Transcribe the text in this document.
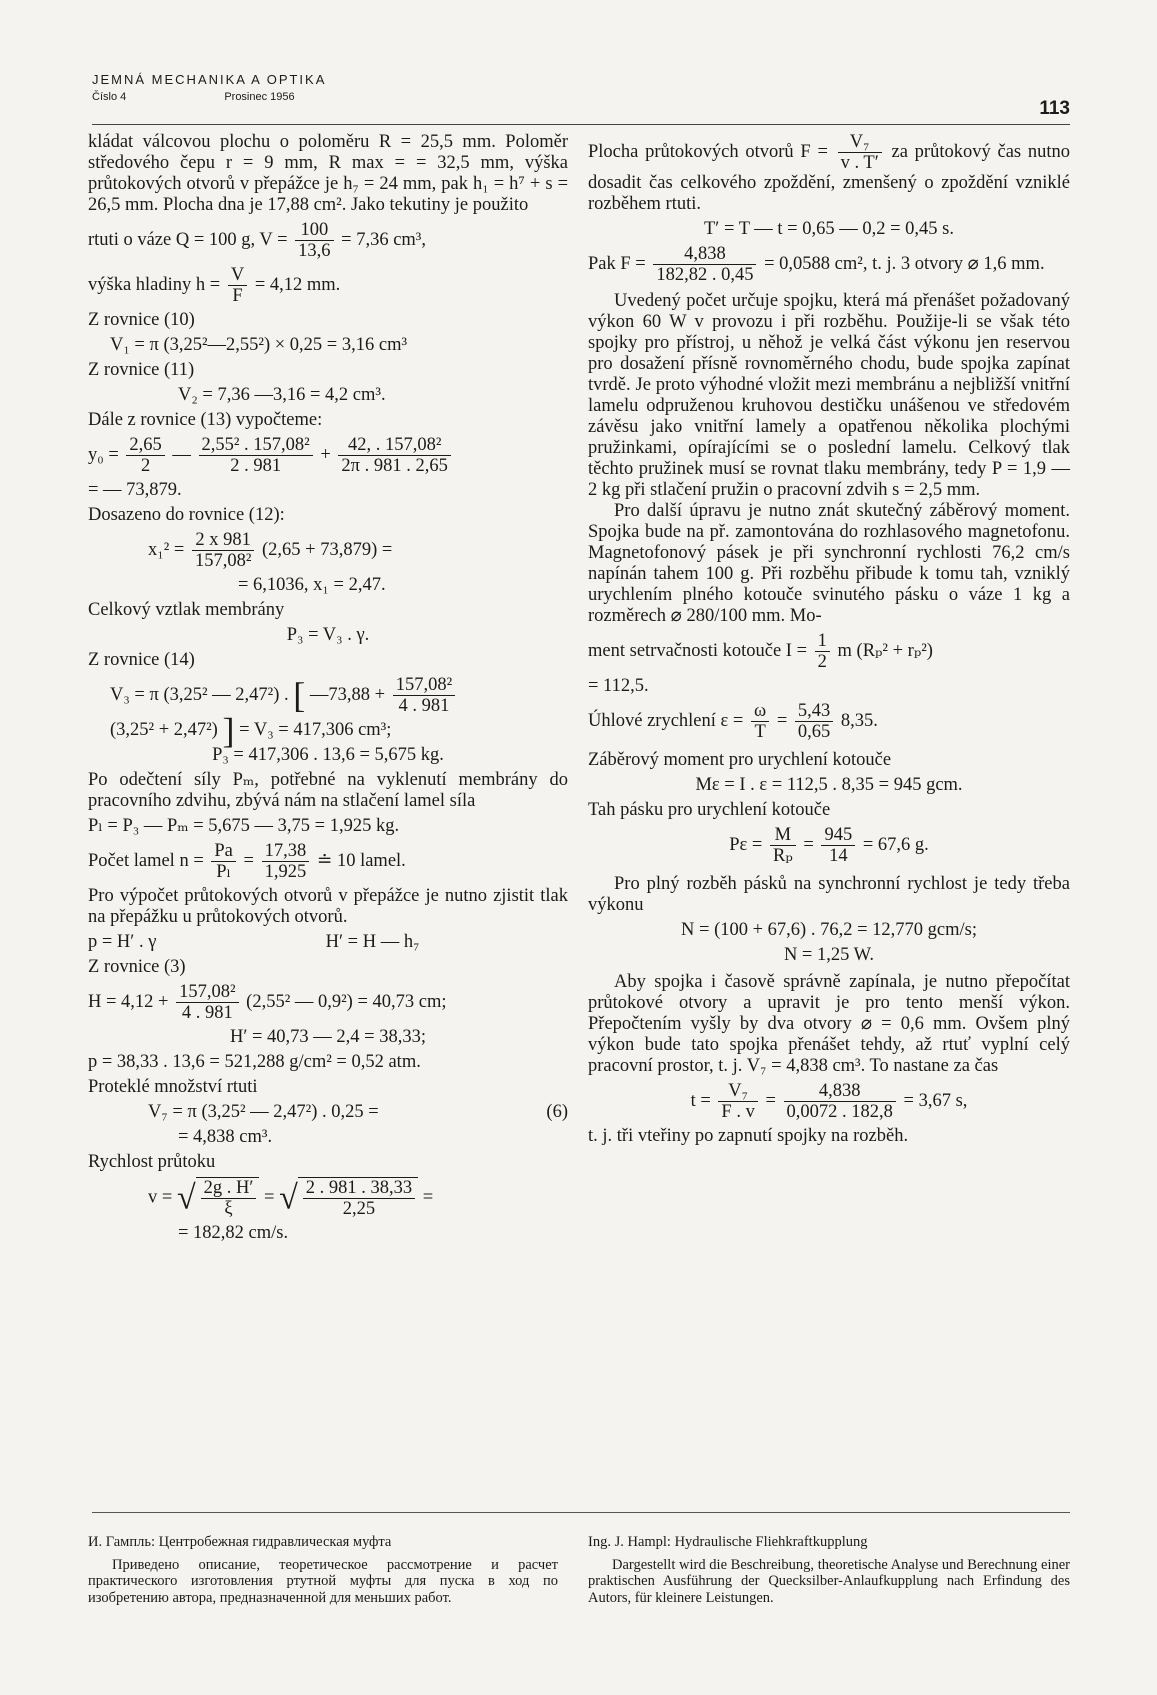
JEMNÁ MECHANIKA A OPTIKA
Číslo 4	Prosinec 1956
113

kládat válcovou plochu o poloměru R = 25,5 mm. Poloměr středového čepu r = 9 mm, R max = = 32,5 mm, výška průtokových otvorů v přepážce je h₇ = 24 mm, pak h₁ = h⁷ + s = 26,5 mm. Plocha dna je 17,88 cm². Jako tekutiny je použito

rtuti o váze Q = 100 g, $V = \frac{100}{13,6} = 7,36$ cm³,
výška hladiny $h = \frac{V}{F} = 4,12$ mm.

Z rovnice (10)

V₁ = π (3,25²—2,55²) × 0,25 = 3,16 cm³

Z rovnice (11)

V₂ = 7,36 —3,16 = 4,2 cm³.

Dále z rovnice (13) vypočteme:

$y_0 = \frac{2,65}{2}$ — $\frac{\text{2,55² . 157,08²}}{2 . 981} + \frac{\text{42, . 157,08²}}{2\pi . 981 . 2,65}$
= — 73,879.

Dosazeno do rovnice (12):

$x_1^2 = \frac{2 x 981}{\text{157,08²}} (2,65 + 73,879)$ =
= 6,1036, x₁ = 2,47.

Celkový vztlak membrány

P₃ = V₃ . γ.

Z rovnice (14)

V₃ = π (3,25² — 2,47²) . [ —73,88 + $\frac{\text{157,08²}}{4 . 981}$
(3,25² + 2,47²) ] = V₃ = 417,306 cm³;
P₃ = 417,306 . 13,6 = 5,675 kg.

Po odečtení síly Pₘ, potřebné na vyklenutí membrány do pracovního zdvihu, zbývá nám na stlačení lamel síla

Pₗ = P₃ — Pₘ = 5,675 — 3,75 = 1,925 kg.
Počet lamel $n = \frac{Pa}{\text{Pₗ}} = \frac{17,38}{1,925}$ ≐ 10 lamel.

Pro výpočet průtokových otvorů v přepážce je nutno zjistit tlak na přepážku u průtokových otvorů.

p = H′ . γ	H′ = H — h₇

Z rovnice (3)

$H = 4,12 + \frac{\text{157,08²}}{4 . 981} (2,55^2$ — 0,9²) = 40,73 cm;
H′ = 40,73 — 2,4 = 38,33;
p = 38,33 . 13,6 = 521,288 g/cm² = 0,52 atm.

Proteklé množství rtuti

V₇ = π (3,25² — 2,47²) . 0,25 =	(6)
= 4,838 cm³.

Rychlost průtoku

v = √ $\frac{2g . H'}{\xi}$ = √ $\frac{2 . 981 . 38,33}{2,25}$ =
= 182,82 cm/s.

Plocha průtokových otvorů $F = \frac{\text{V₇}}{v . T'}$ za průtokový čas nutno dosadit čas celkového zpoždění, zmenšený o zpoždění vzniklé rozběhem rtuti.

T′ = T — t = 0,65 — 0,2 = 0,45 s.

Pak $F = \frac{4,838}{182,82 . 0,45} = 0,0588$ cm², t. j. 3 otvory ⌀ 1,6 mm.

Uvedený počet určuje spojku, která má přenášet požadovaný výkon 60 W v provozu i při rozběhu. Použije-li se však této spojky pro přístroj, u něhož je velká část výkonu jen reservou pro dosažení přísně rovnoměrného chodu, bude spojka zapínat tvrdě. Je proto výhodné vložit mezi membránu a nejbližší vnitřní lamelu odpruženou kruhovou destičku unášenou ve středovém závěsu jako vnitřní lamely a opatřenou několika plochými pružinkami, opírajícími se o poslední lamelu. Celkový tlak těchto pružinek musí se rovnat tlaku membrány, tedy P = 1,9 — 2 kg při stlačení pružin o pracovní zdvih s = 2,5 mm.

Pro další úpravu je nutno znát skutečný záběrový moment. Spojka bude na př. zamontována do rozhlasového magnetofonu. Magnetofonový pásek je při synchronní rychlosti 76,2 cm/s napínán tahem 100 g. Při rozběhu přibude k tomu tah, vzniklý urychlením plného kotouče svinutého pásku o váze 1 kg a rozměrech ⌀ 280/100 mm. Mo-

ment setrvačnosti kotouče $I = \frac{1}{2}$ m (Rₚ² + rₚ²)
= 112,5.
Úhlové zrychlení $\varepsilon = \frac{\omega}{T} = \frac{5,43}{0,65} 8,35$.

Záběrový moment pro urychlení kotouče

Mε = I . ε = 112,5 . 8,35 = 945 gcm.

Tah pásku pro urychlení kotouče

$P\varepsilon = \frac{M}{\text{Rₚ}} = \frac{945}{14} = 67,6$ g.

Pro plný rozběh pásků na synchronní rychlost je tedy třeba výkonu

N = (100 + 67,6) . 76,2 = 12,770 gcm/s;
N = 1,25 W.

Aby spojka i časově správně zapínala, je nutno přepočítat průtokové otvory a upravit je pro tento menší výkon. Přepočtením vyšly by dva otvory ⌀ = 0,6 mm. Ovšem plný výkon bude tato spojka přenášet tehdy, až rtuť vyplní celý pracovní prostor, t. j. V₇ = 4,838 cm³. To nastane za čas

$t = \frac{\text{V₇}}{F . v} = \frac{4,838}{0,0072 . 182,8} = 3,67$ s,

t. j. tři vteřiny po zapnutí spojky na rozběh.

И. Гампль: Центробежная гидравлическая муфта

Приведено описание, теоретическое рассмотрение и расчет практического изготовления ртутной муфты для пуска в ход по изобретению автора, предназначенной для меньших работ.

Ing. J. Hampl: Hydraulische Fliehkraftkupplung

Dargestellt wird die Beschreibung, theoretische Analyse und Berechnung einer praktischen Ausführung der Quecksilber-Anlaufkupplung nach Erfindung des Autors, für kleinere Leistungen.
